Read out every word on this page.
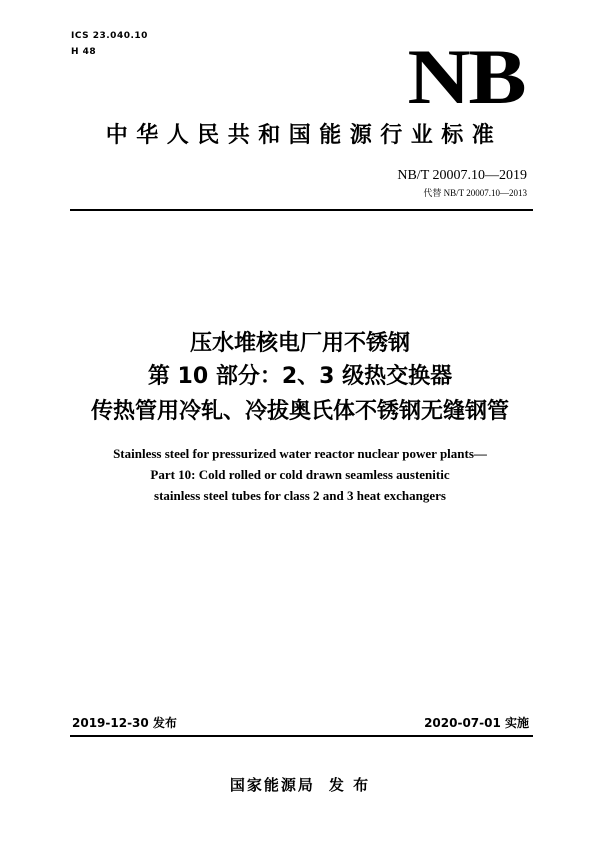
ICS 23.040.10
H 48	NB
中华人民共和国能源行业标准
NB/T 20007.10—2019
代替 NB/T 20007.10—2013
压水堆核电厂用不锈钢
第 10 部分：2、3 级热交换器
传热管用冷轧、冷拔奥氏体不锈钢无缝钢管
Stainless steel for pressurized water reactor nuclear power plants—
Part 10: Cold rolled or cold drawn seamless austenitic
stainless steel tubes for class 2 and 3 heat exchangers
2019-12-30 发布	2020-07-01 实施
国家能源局 发 布
